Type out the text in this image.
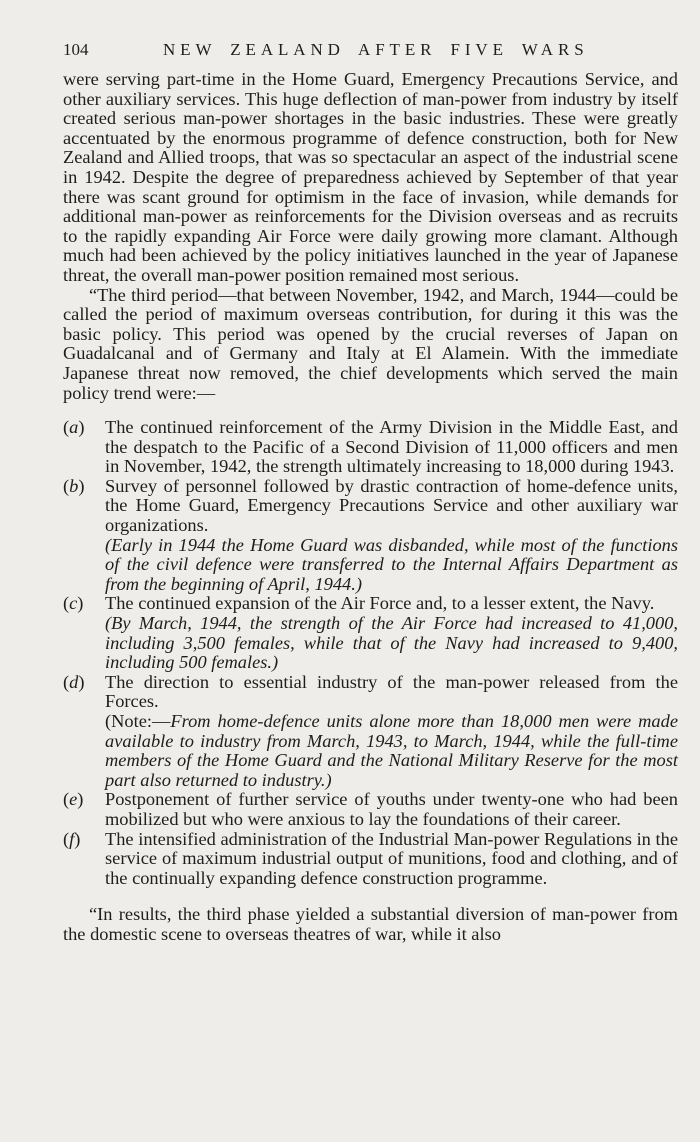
104	NEW ZEALAND AFTER FIVE WARS

were serving part-time in the Home Guard, Emergency Precautions Service, and other auxiliary services. This huge deflection of man-power from industry by itself created serious man-power shortages in the basic industries. These were greatly accentuated by the enormous programme of defence construction, both for New Zealand and Allied troops, that was so spectacular an aspect of the industrial scene in 1942. Despite the degree of preparedness achieved by September of that year there was scant ground for optimism in the face of invasion, while demands for additional man-power as reinforcements for the Division overseas and as recruits to the rapidly expanding Air Force were daily growing more clamant. Although much had been achieved by the policy initiatives launched in the year of Japanese threat, the overall man-power position remained most serious.

“The third period—that between November, 1942, and March, 1944—could be called the period of maximum overseas contribution, for during it this was the basic policy. This period was opened by the crucial reverses of Japan on Guadalcanal and of Germany and Italy at El Alamein. With the immediate Japanese threat now removed, the chief developments which served the main policy trend were:—

(a) The continued reinforcement of the Army Division in the Middle East, and the despatch to the Pacific of a Second Division of 11,000 officers and men in November, 1942, the strength ultimately increasing to 18,000 during 1943.

(b) Survey of personnel followed by drastic contraction of home-defence units, the Home Guard, Emergency Precautions Service and other auxiliary war organizations.

(Early in 1944 the Home Guard was disbanded, while most of the functions of the civil defence were transferred to the Internal Affairs Department as from the beginning of April, 1944.)

(c) The continued expansion of the Air Force and, to a lesser extent, the Navy.

(By March, 1944, the strength of the Air Force had increased to 41,000, including 3,500 females, while that of the Navy had increased to 9,400, including 500 females.)

(d) The direction to essential industry of the man-power released from the Forces.

(Note:—From home-defence units alone more than 18,000 men were made available to industry from March, 1943, to March, 1944, while the full-time members of the Home Guard and the National Military Reserve for the most part also returned to industry.)

(e) Postponement of further service of youths under twenty-one who had been mobilized but who were anxious to lay the foundations of their career.

(f) The intensified administration of the Industrial Man-power Regulations in the service of maximum industrial output of munitions, food and clothing, and of the continually expanding defence construction programme.

“In results, the third phase yielded a substantial diversion of man-power from the domestic scene to overseas theatres of war, while it also
